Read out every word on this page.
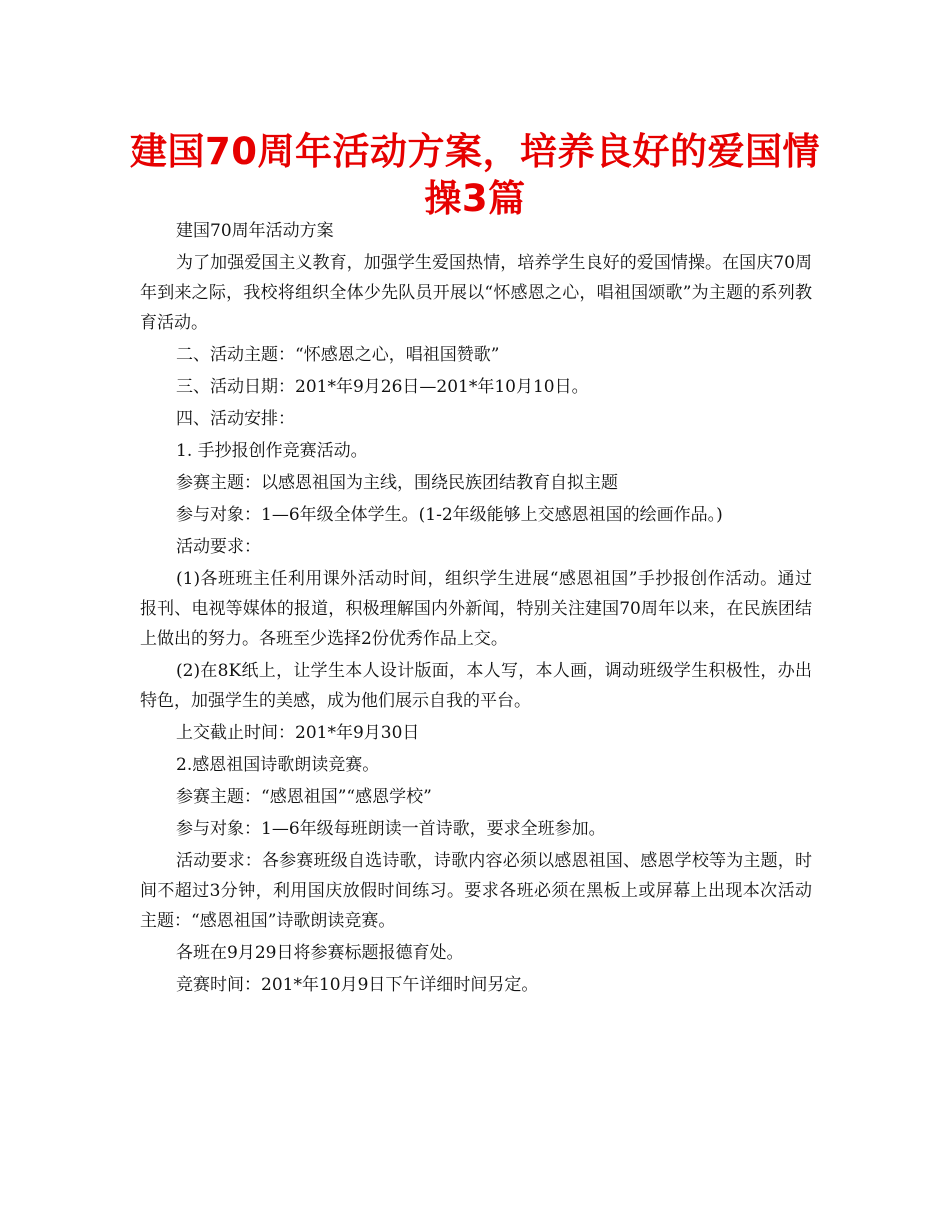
建国70周年活动方案，培养良好的爱国情
操3篇

建国70周年活动方案

为了加强爱国主义教育，加强学生爱国热情，培养学生良好的爱国情操。在国庆70周年到来之际，我校将组织全体少先队员开展以“怀感恩之心，唱祖国颂歌”为主题的系列教育活动。

二、活动主题：“怀感恩之心，唱祖国赞歌”

三、活动日期：201*年9月26日—201*年10月10日。

四、活动安排：

1. 手抄报创作竞赛活动。

参赛主题：以感恩祖国为主线，围绕民族团结教育自拟主题

参与对象：1—6年级全体学生。(1-2年级能够上交感恩祖国的绘画作品。)

活动要求：

(1)各班班主任利用课外活动时间，组织学生进展“感恩祖国”手抄报创作活动。通过报刊、电视等媒体的报道，积极理解国内外新闻，特别关注建国70周年以来，在民族团结上做出的努力。各班至少选择2份优秀作品上交。

(2)在8K纸上，让学生本人设计版面，本人写，本人画，调动班级学生积极性，办出特色，加强学生的美感，成为他们展示自我的平台。

上交截止时间：201*年9月30日

2.感恩祖国诗歌朗读竞赛。

参赛主题：“感恩祖国”“感恩学校”

参与对象：1—6年级每班朗读一首诗歌，要求全班参加。

活动要求：各参赛班级自选诗歌，诗歌内容必须以感恩祖国、感恩学校等为主题，时间不超过3分钟，利用国庆放假时间练习。要求各班必须在黑板上或屏幕上出现本次活动主题：“感恩祖国”诗歌朗读竞赛。

各班在9月29日将参赛标题报德育处。

竞赛时间：201*年10月9日下午详细时间另定。
